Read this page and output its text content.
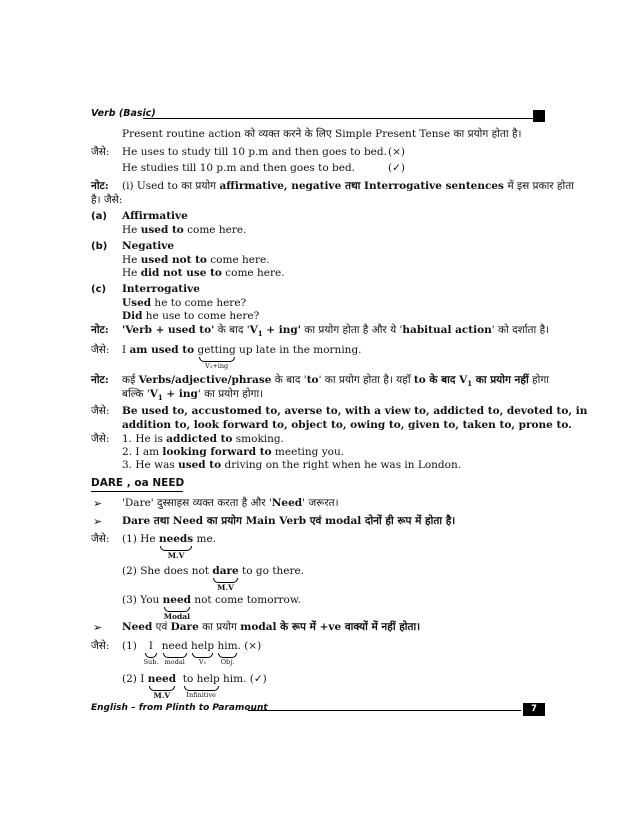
Verb (Basic)
Present routine action को व्यक्त करने के लिए Simple Present Tense का प्रयोग होता है।
जैसे: He uses to study till 10 p.m and then goes to bed. (×)
He studies till 10 p.m and then goes to bed.	(✓)
नोट: (i) Used to का प्रयोग affirmative, negative तथा Interrogative sentences में इस प्रकार होता
है। जैसे:
(a) Affirmative
He used to come here.
(b) Negative
He used not to come here.
He did not use to come here.
(c) Interrogative
Used he to come here?
Did he use to come here?
नोट: 'Verb + used to' के बाद '$V_1 + ing$' का प्रयोग होता है और ये 'habitual action' को दर्शाता है।
जैसे: I am used to getting
V₁+ing
up late in the morning.
नोट: कई Verbs/adjective/phrase के बाद 'to' का प्रयोग होता है। यहाँ to के बाद $V_1$ का प्रयोग नहीं होगा
बल्कि '$V_1 + ing$' का प्रयोग होगा।
जैसे: Be used to, accustomed to, averse to, with a view to, addicted to, devoted to, in
addition to, look forward to, object to, owing to, given to, taken to, prone to.
जैसे: 1. He is addicted to smoking.
2. I am looking forward to meeting you.
3. He was used to driving on the right when he was in London.
DARE , oa NEED
➢ 'Dare' दुस्साहस व्यक्त करता है और 'Need' जरूरत।
➢ Dare तथा Need का प्रयोग Main Verb एवं modal दोनों ही रूप में होता है।
जैसे: (1) He needs
M.V
me.
(2) She does not dare
M.V
to go there.
(3) You need
Modal
not come tomorrow.
➢ Need एवं Dare का प्रयोग modal के रूप में +ve वाक्यों में नहीं होता।
जैसे: (1)	I
Sub.

need
modal

help
V₁

him
Obj.
. (×)
(2) I need
M.V

to help
Infinitive
him. (✓)
English – from Plinth to Paramount	7
